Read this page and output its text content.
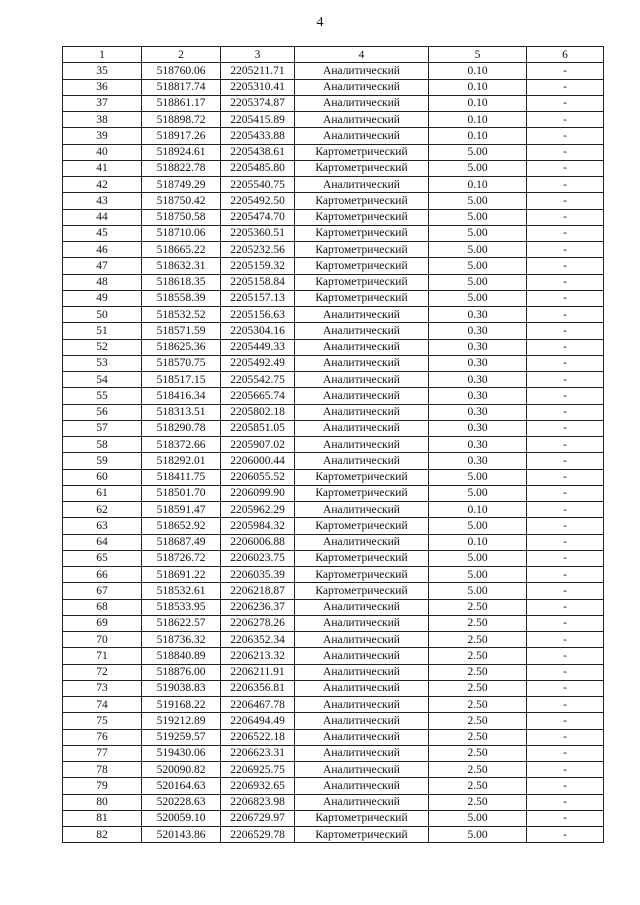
4
1	2	3	4	5	6
35	518760.06	2205211.71	Аналитический	0.10	-
36	518817.74	2205310.41	Аналитический	0.10	-
37	518861.17	2205374.87	Аналитический	0.10	-
38	518898.72	2205415.89	Аналитический	0.10	-
39	518917.26	2205433.88	Аналитический	0.10	-
40	518924.61	2205438.61	Картометрический	5.00	-
41	518822.78	2205485.80	Картометрический	5.00	-
42	518749.29	2205540.75	Аналитический	0.10	-
43	518750.42	2205492.50	Картометрический	5.00	-
44	518750.58	2205474.70	Картометрический	5.00	-
45	518710.06	2205360.51	Картометрический	5.00	-
46	518665.22	2205232.56	Картометрический	5.00	-
47	518632.31	2205159.32	Картометрический	5.00	-
48	518618.35	2205158.84	Картометрический	5.00	-
49	518558.39	2205157.13	Картометрический	5.00	-
50	518532.52	2205156.63	Аналитический	0.30	-
51	518571.59	2205304.16	Аналитический	0.30	-
52	518625.36	2205449.33	Аналитический	0.30	-
53	518570.75	2205492.49	Аналитический	0.30	-
54	518517.15	2205542.75	Аналитический	0.30	-
55	518416.34	2205665.74	Аналитический	0.30	-
56	518313.51	2205802.18	Аналитический	0.30	-
57	518290.78	2205851.05	Аналитический	0.30	-
58	518372.66	2205907.02	Аналитический	0.30	-
59	518292.01	2206000.44	Аналитический	0.30	-
60	518411.75	2206055.52	Картометрический	5.00	-
61	518501.70	2206099.90	Картометрический	5.00	-
62	518591.47	2205962.29	Аналитический	0.10	-
63	518652.92	2205984.32	Картометрический	5.00	-
64	518687.49	2206006.88	Аналитический	0.10	-
65	518726.72	2206023.75	Картометрический	5.00	-
66	518691.22	2206035.39	Картометрический	5.00	-
67	518532.61	2206218.87	Картометрический	5.00	-
68	518533.95	2206236.37	Аналитический	2.50	-
69	518622.57	2206278.26	Аналитический	2.50	-
70	518736.32	2206352.34	Аналитический	2.50	-
71	518840.89	2206213.32	Аналитический	2.50	-
72	518876.00	2206211.91	Аналитический	2.50	-
73	519038.83	2206356.81	Аналитический	2.50	-
74	519168.22	2206467.78	Аналитический	2.50	-
75	519212.89	2206494.49	Аналитический	2.50	-
76	519259.57	2206522.18	Аналитический	2.50	-
77	519430.06	2206623.31	Аналитический	2.50	-
78	520090.82	2206925.75	Аналитический	2.50	-
79	520164.63	2206932.65	Аналитический	2.50	-
80	520228.63	2206823.98	Аналитический	2.50	-
81	520059.10	2206729.97	Картометрический	5.00	-
82	520143.86	2206529.78	Картометрический	5.00	-
